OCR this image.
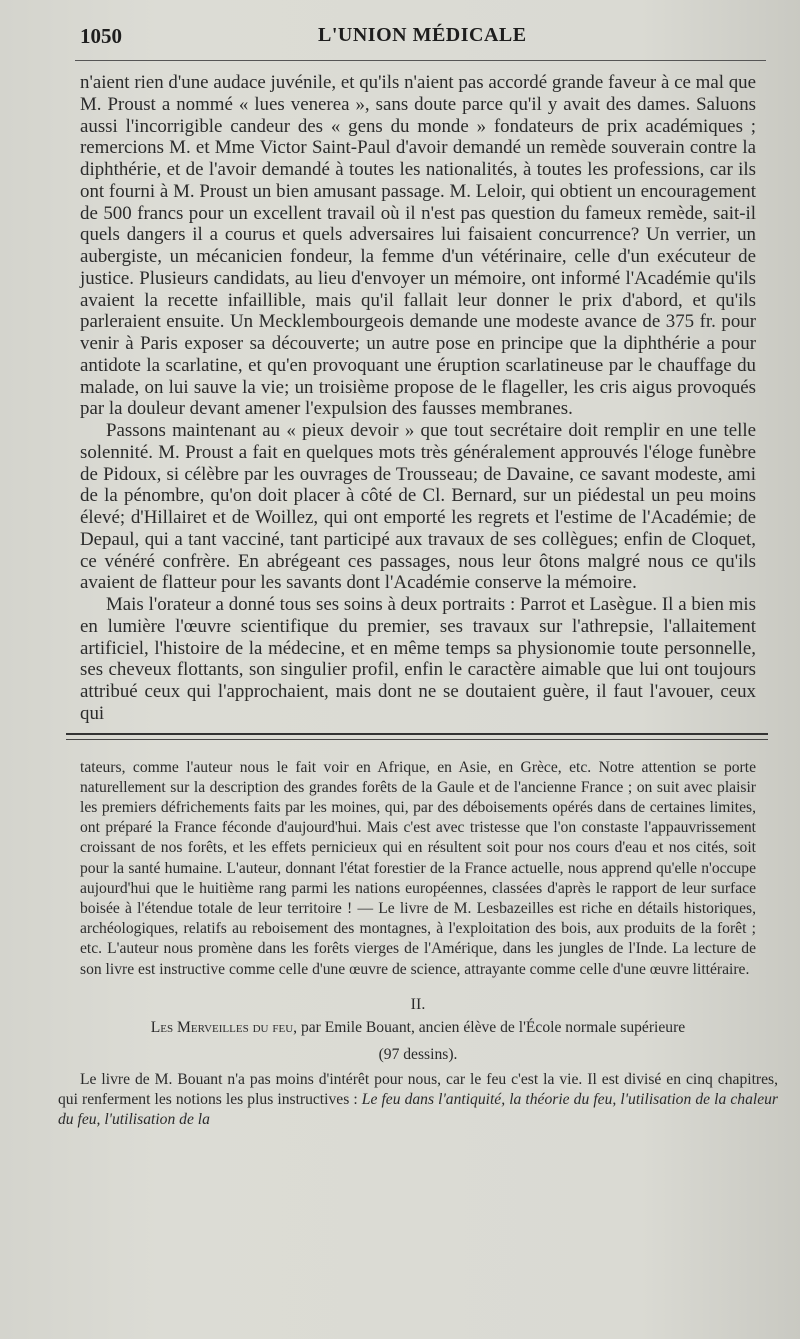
1050	L'UNION MÉDICALE

n'aient rien d'une audace juvénile, et qu'ils n'aient pas accordé grande faveur à ce mal que M. Proust a nommé « lues venerea », sans doute parce qu'il y avait des dames. Saluons aussi l'incorrigible candeur des « gens du monde » fondateurs de prix académiques ; remercions M. et Mme Victor Saint-Paul d'avoir demandé un remède souverain contre la diphthérie, et de l'avoir demandé à toutes les nationalités, à toutes les professions, car ils ont fourni à M. Proust un bien amusant passage. M. Leloir, qui obtient un encouragement de 500 francs pour un excellent travail où il n'est pas question du fameux remède, sait-il quels dangers il a courus et quels adversaires lui faisaient concurrence? Un verrier, un aubergiste, un mécanicien fondeur, la femme d'un vétérinaire, celle d'un exécuteur de justice. Plusieurs candidats, au lieu d'envoyer un mémoire, ont informé l'Académie qu'ils avaient la recette infaillible, mais qu'il fallait leur donner le prix d'abord, et qu'ils parleraient ensuite. Un Mecklembourgeois demande une modeste avance de 375 fr. pour venir à Paris exposer sa découverte; un autre pose en principe que la diphthérie a pour antidote la scarlatine, et qu'en provoquant une éruption scarlatineuse par le chauffage du malade, on lui sauve la vie; un troisième propose de le flageller, les cris aigus provoqués par la douleur devant amener l'expulsion des fausses membranes.

Passons maintenant au « pieux devoir » que tout secrétaire doit remplir en une telle solennité. M. Proust a fait en quelques mots très généralement approuvés l'éloge funèbre de Pidoux, si célèbre par les ouvrages de Trousseau; de Davaine, ce savant modeste, ami de la pénombre, qu'on doit placer à côté de Cl. Bernard, sur un piédestal un peu moins élevé; d'Hillairet et de Woillez, qui ont emporté les regrets et l'estime de l'Académie; de Depaul, qui a tant vacciné, tant participé aux travaux de ses collègues; enfin de Cloquet, ce vénéré confrère. En abrégeant ces passages, nous leur ôtons malgré nous ce qu'ils avaient de flatteur pour les savants dont l'Académie conserve la mémoire.

Mais l'orateur a donné tous ses soins à deux portraits : Parrot et Lasègue. Il a bien mis en lumière l'œuvre scientifique du premier, ses travaux sur l'athrepsie, l'allaitement artificiel, l'histoire de la médecine, et en même temps sa physionomie toute personnelle, ses cheveux flottants, son singulier profil, enfin le caractère aimable que lui ont toujours attribué ceux qui l'approchaient, mais dont ne se doutaient guère, il faut l'avouer, ceux qui

tateurs, comme l'auteur nous le fait voir en Afrique, en Asie, en Grèce, etc. Notre attention se porte naturellement sur la description des grandes forêts de la Gaule et de l'ancienne France ; on suit avec plaisir les premiers défrichements faits par les moines, qui, par des déboisements opérés dans de certaines limites, ont préparé la France féconde d'aujourd'hui. Mais c'est avec tristesse que l'on constaste l'appauvrissement croissant de nos forêts, et les effets pernicieux qui en résultent soit pour nos cours d'eau et nos cités, soit pour la santé humaine. L'auteur, donnant l'état forestier de la France actuelle, nous apprend qu'elle n'occupe aujourd'hui que le huitième rang parmi les nations européennes, classées d'après le rapport de leur surface boisée à l'étendue totale de leur territoire ! — Le livre de M. Lesbazeilles est riche en détails historiques, archéologiques, relatifs au reboisement des montagnes, à l'exploitation des bois, aux produits de la forêt ; etc. L'auteur nous promène dans les forêts vierges de l'Amérique, dans les jungles de l'Inde. La lecture de son livre est instructive comme celle d'une œuvre de science, attrayante comme celle d'une œuvre littéraire.

II.
Les Merveilles du feu, par Emile Bouant, ancien élève de l'École normale supérieure
(97 dessins).

Le livre de M. Bouant n'a pas moins d'intérêt pour nous, car le feu c'est la vie. Il est divisé en cinq chapitres, qui renferment les notions les plus instructives : Le feu dans l'antiquité, la théorie du feu, l'utilisation de la chaleur du feu, l'utilisation de la
